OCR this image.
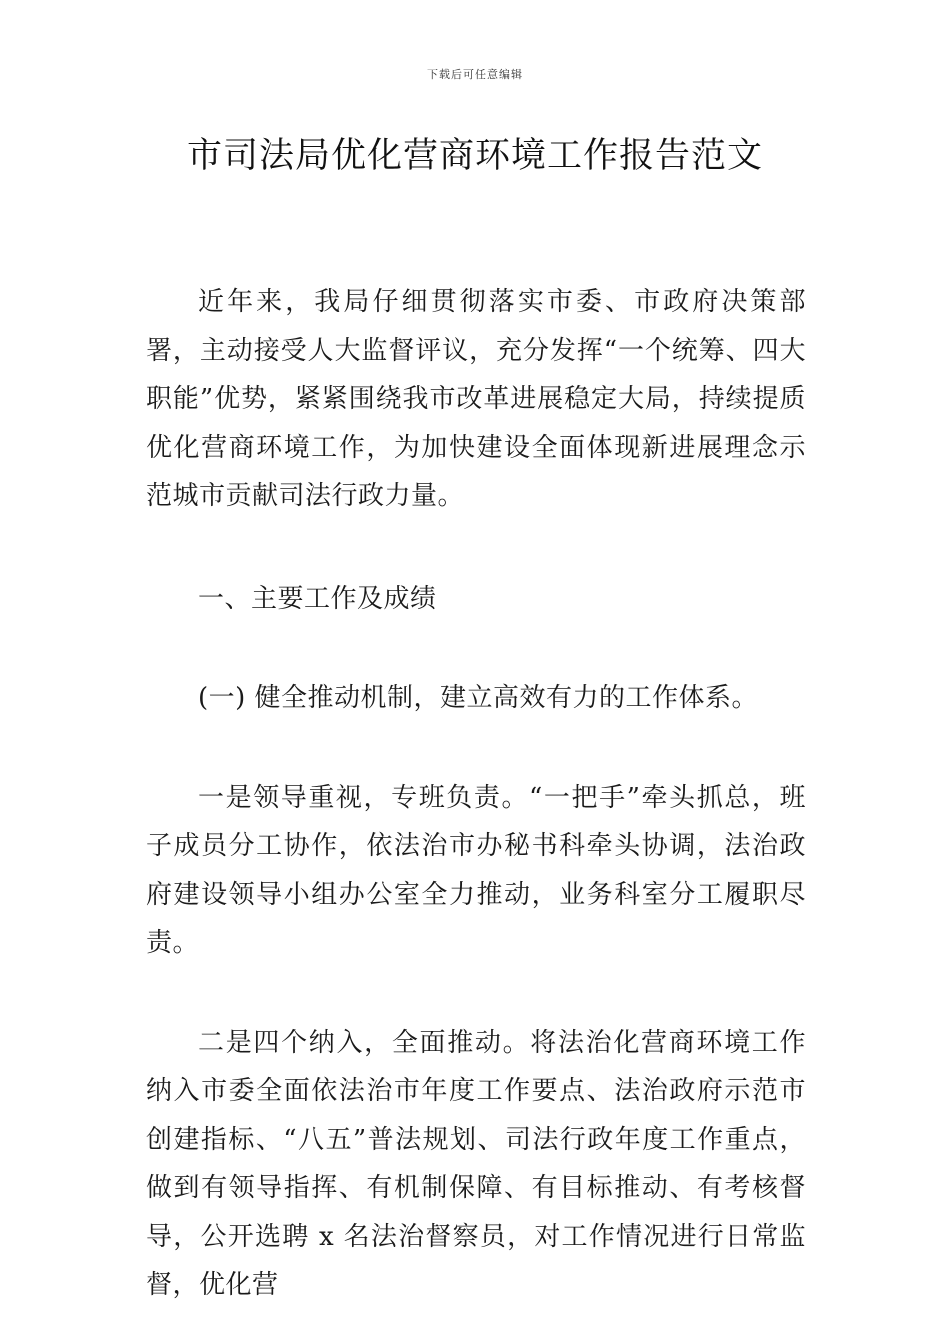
下载后可任意编辑
市司法局优化营商环境工作报告范文

近年来，我局仔细贯彻落实市委、市政府决策部署，主动接受人大监督评议，充分发挥“一个统筹、四大职能”优势，紧紧围绕我市改革进展稳定大局，持续提质优化营商环境工作，为加快建设全面体现新进展理念示范城市贡献司法行政力量。

一、主要工作及成绩

(一) 健全推动机制，建立高效有力的工作体系。

一是领导重视，专班负责。“一把手”牵头抓总，班子成员分工协作，依法治市办秘书科牵头协调，法治政府建设领导小组办公室全力推动，业务科室分工履职尽责。

二是四个纳入，全面推动。将法治化营商环境工作纳入市委全面依法治市年度工作要点、法治政府示范市创建指标、“八五”普法规划、司法行政年度工作重点，做到有领导指挥、有机制保障、有目标推动、有考核督导，公开选聘 x 名法治督察员，对工作情况进行日常监督，优化营
